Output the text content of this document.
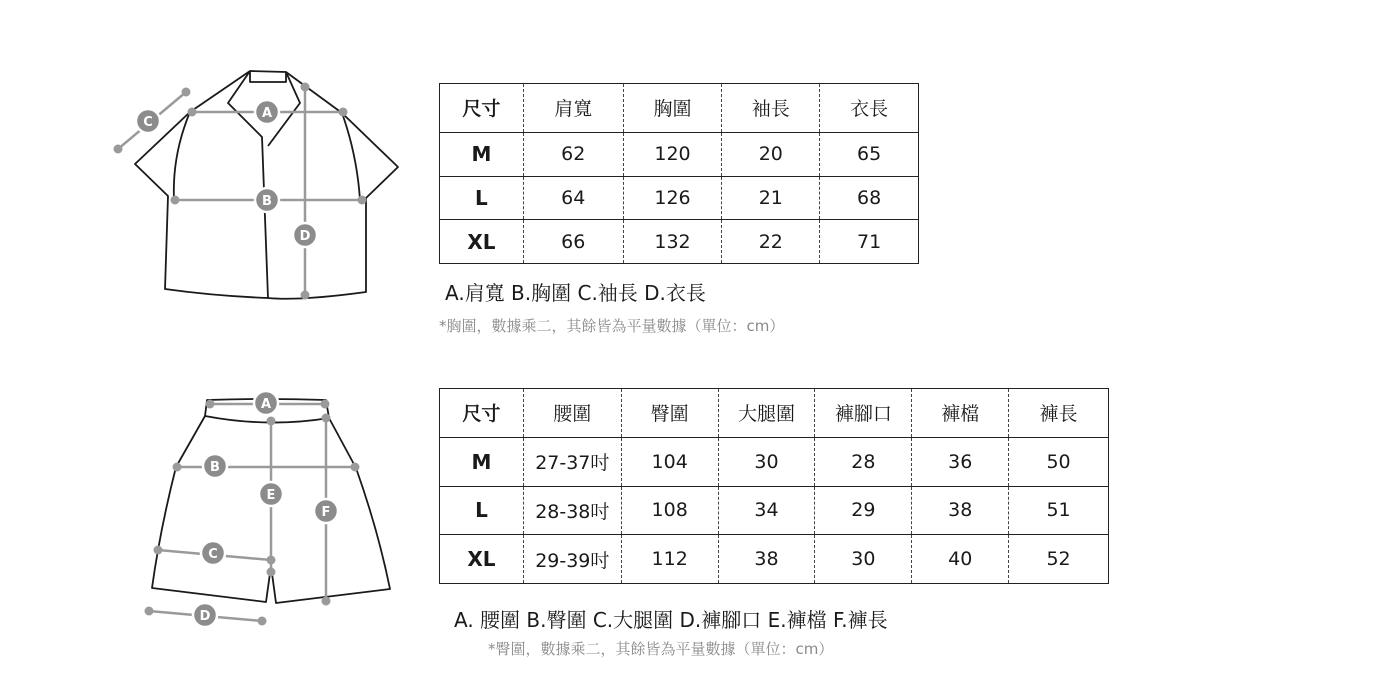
A
B
C
D
尺寸	肩寬	胸圍	袖長	衣長
M	62	120	20	65
L	64	126	21	68
XL	66	132	22	71
A.肩寬 B.胸圍 C.袖長 D.衣長
*胸圍，數據乘二，其餘皆為平量數據（單位：cm）
A
B
C
D
E
F
尺寸	腰圍	臀圍	大腿圍	褲腳口	褲檔	褲長
M	27-37吋	104	30	28	36	50
L	28-38吋	108	34	29	38	51
XL	29-39吋	112	38	30	40	52
A. 腰圍 B.臀圍 C.大腿圍 D.褲腳口 E.褲檔 F.褲長
*臀圍，數據乘二，其餘皆為平量數據（單位：cm）
